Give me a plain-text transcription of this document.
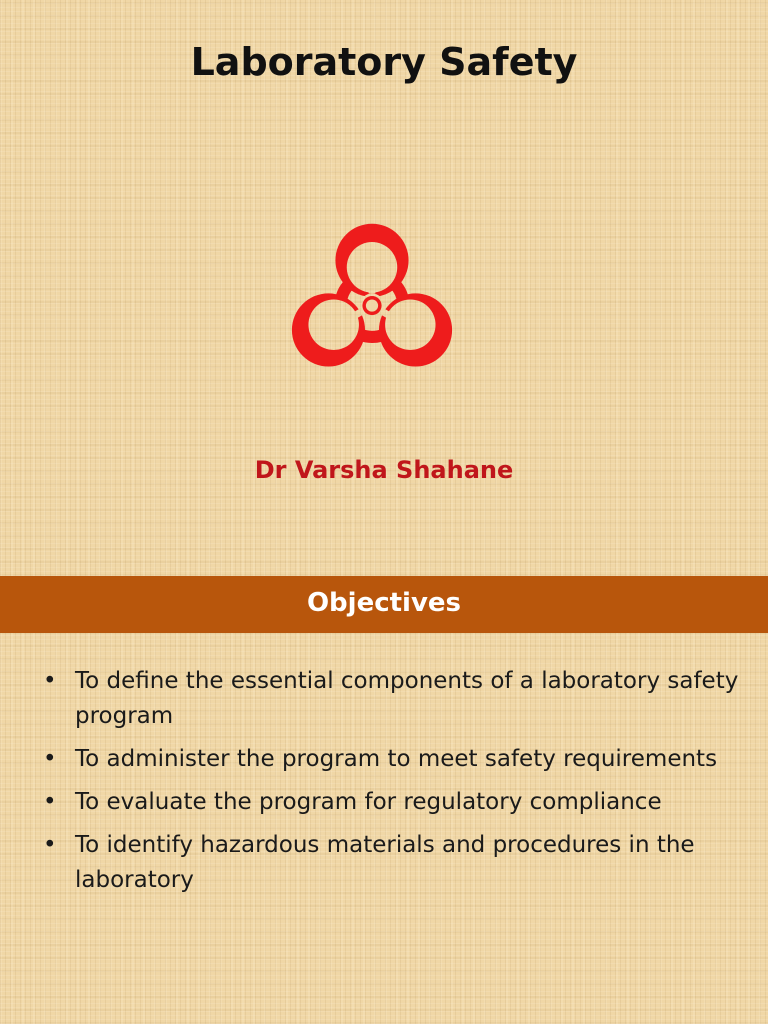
Laboratory Safety
Dr Varsha Shahane
Objectives
• To define the essential components of a laboratory safety program
• To administer the program to meet safety requirements
• To evaluate the program for regulatory compliance
• To identify hazardous materials and procedures in the laboratory
